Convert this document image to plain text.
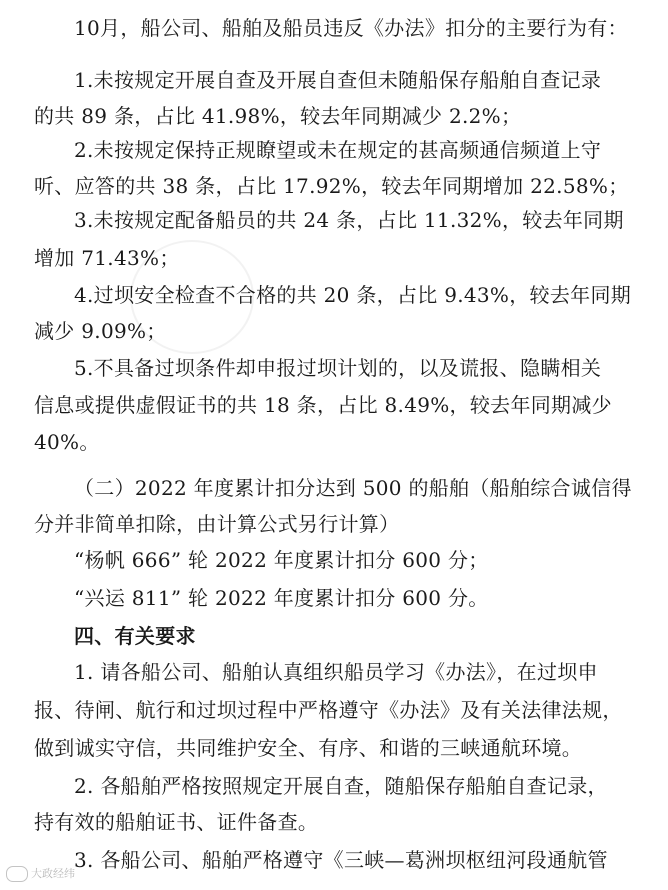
10月，船公司、船舶及船员违反《办法》扣分的主要行为有：
1.未按规定开展自查及开展自查但未随船保存船舶自查记录
的共 89 条，占比 41.98%，较去年同期减少 2.2%；
2.未按规定保持正规瞭望或未在规定的甚高频通信频道上守
听、应答的共 38 条，占比 17.92%，较去年同期增加 22.58%；
3.未按规定配备船员的共 24 条，占比 11.32%，较去年同期
增加 71.43%；
4.过坝安全检查不合格的共 20 条，占比 9.43%，较去年同期
减少 9.09%；
5.不具备过坝条件却申报过坝计划的，以及谎报、隐瞒相关
信息或提供虚假证书的共 18 条，占比 8.49%，较去年同期减少
40%。
（二）2022 年度累计扣分达到 500 的船舶（船舶综合诚信得
分并非简单扣除，由计算公式另行计算）
“杨帆 666” 轮 2022 年度累计扣分 600 分；
“兴运 811” 轮 2022 年度累计扣分 600 分。
四、有关要求
1. 请各船公司、船舶认真组织船员学习《办法》，在过坝申
报、待闸、航行和过坝过程中严格遵守《办法》及有关法律法规，
做到诚实守信，共同维护安全、有序、和谐的三峡通航环境。
2. 各船舶严格按照规定开展自查，随船保存船舶自查记录，
持有效的船舶证书、证件备查。
3. 各船公司、船舶严格遵守《三峡—葛洲坝枢纽河段通航管
大政经纬
